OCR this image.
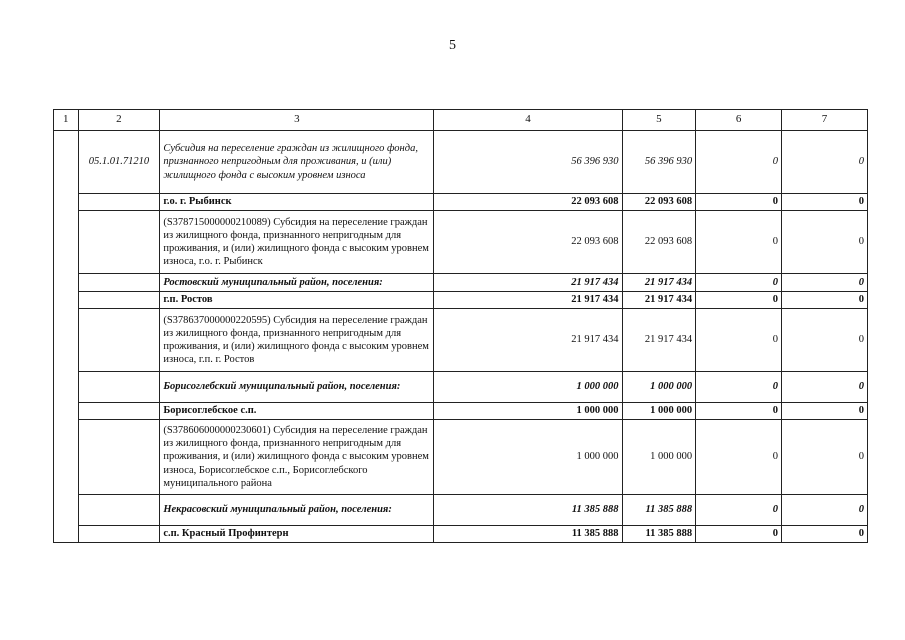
5
1	2	3	4	5	6	7
	05.1.01.71210	Субсидия на переселение граждан из жилищного фонда, признанного непригодным для проживания, и (или) жилищного фонда с высоким уровнем износа	56 396 930	56 396 930	0	0
		г.о. г. Рыбинск	22 093 608	22 093 608	0	0
		(S378715000000210089) Субсидия на переселение граждан из жилищного фонда, признанного непригодным для проживания, и (или) жилищного фонда с высоким уровнем износа, г.о. г. Рыбинск	22 093 608	22 093 608	0	0
		Ростовский муниципальный район, поселения:	21 917 434	21 917 434	0	0
		г.п. Ростов	21 917 434	21 917 434	0	0
		(S378637000000220595) Субсидия на переселение граждан из жилищного фонда, признанного непригодным для проживания, и (или) жилищного фонда с высоким уровнем износа, г.п. г. Ростов	21 917 434	21 917 434	0	0
		Борисоглебский муниципальный район, поселения:	1 000 000	1 000 000	0	0
		Борисоглебское с.п.	1 000 000	1 000 000	0	0
		(S378606000000230601) Субсидия на переселение граждан из жилищного фонда, признанного непригодным для проживания, и (или) жилищного фонда с высоким уровнем износа, Борисоглебское с.п., Борисоглебского муниципального района	1 000 000	1 000 000	0	0
		Некрасовский муниципальный район, поселения:	11 385 888	11 385 888	0	0
		с.п. Красный Профинтерн	11 385 888	11 385 888	0	0
